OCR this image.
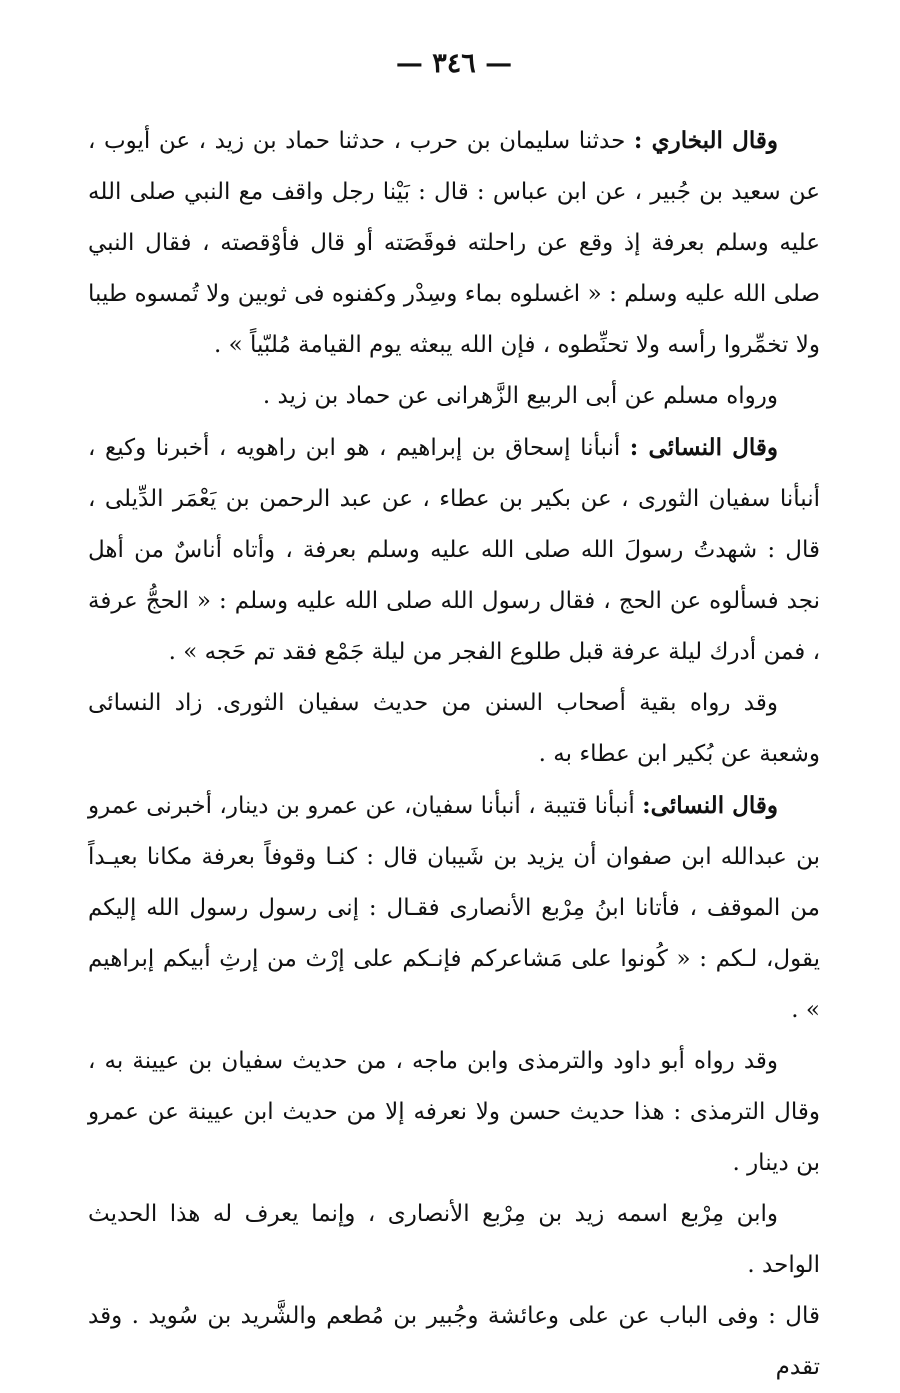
— ٣٤٦ —

وقال البخاري : حدثنا سليمان بن حرب ، حدثنا حماد بن زيد ، عن أيوب ، عن سعيد بن جُبير ، عن ابن عباس : قال : بَيْنا رجل واقف مع النبي صلى الله عليه وسلم بعرفة إذ وقع عن راحلته فوقَصَته أو قال فأوْقصته ، فقال النبي صلى الله عليه وسلم : « اغسلوه بماء وسِدْر وكفنوه فى ثوبين ولا تُمسوه طيبا ولا تخمِّروا رأسه ولا تحنِّطوه ، فإن الله يبعثه يوم القيامة مُلبّياً » .

ورواه مسلم عن أبى الربيع الزَّهرانى عن حماد بن زيد .

وقال النسائى : أنبأنا إسحاق بن إبراهيم ، هو ابن راهويه ، أخبرنا وكيع ، أنبأنا سفيان الثورى ، عن بكير بن عطاء ، عن عبد الرحمن بن يَعْمَر الدِّيلى ، قال : شهدتُ رسولَ الله صلى الله عليه وسلم بعرفة ، وأتاه أناسٌ من أهل نجد فسألوه عن الحج ، فقال رسول الله صلى الله عليه وسلم : « الحجُّ عرفة ، فمن أدرك ليلة عرفة قبل طلوع الفجر من ليلة جَمْع فقد تم حَجه » .

وقد رواه بقية أصحاب السنن من حديث سفيان الثورى. زاد النسائى وشعبة عن بُكير ابن عطاء به .

وقال النسائى: أنبأنا قتيبة ، أنبأنا سفيان، عن عمرو بن دينار، أخبرنى عمرو بن عبدالله ابن صفوان أن يزيد بن شَيبان قال : كنـا وقوفاً بعرفة مكانا بعيـداً من الموقف ، فأتانا ابنُ مِرْبع الأنصارى فقـال : إنى رسول رسول الله إليكم يقول، لـكم : « كُونوا على مَشاعركم فإنـكم على إرْث من إرثِ أبيكم إبراهيم » .

وقد رواه أبو داود والترمذى وابن ماجه ، من حديث سفيان بن عيينة به ، وقال الترمذى : هذا حديث حسن ولا نعرفه إلا من حديث ابن عيينة عن عمرو بن دينار .

وابن مِرْبع اسمه زيد بن مِرْبع الأنصارى ، وإنما يعرف له هذا الحديث الواحد .

قال : وفى الباب عن على وعائشة وجُبير بن مُطعم والشَّريد بن سُويد . وقد تقدم
